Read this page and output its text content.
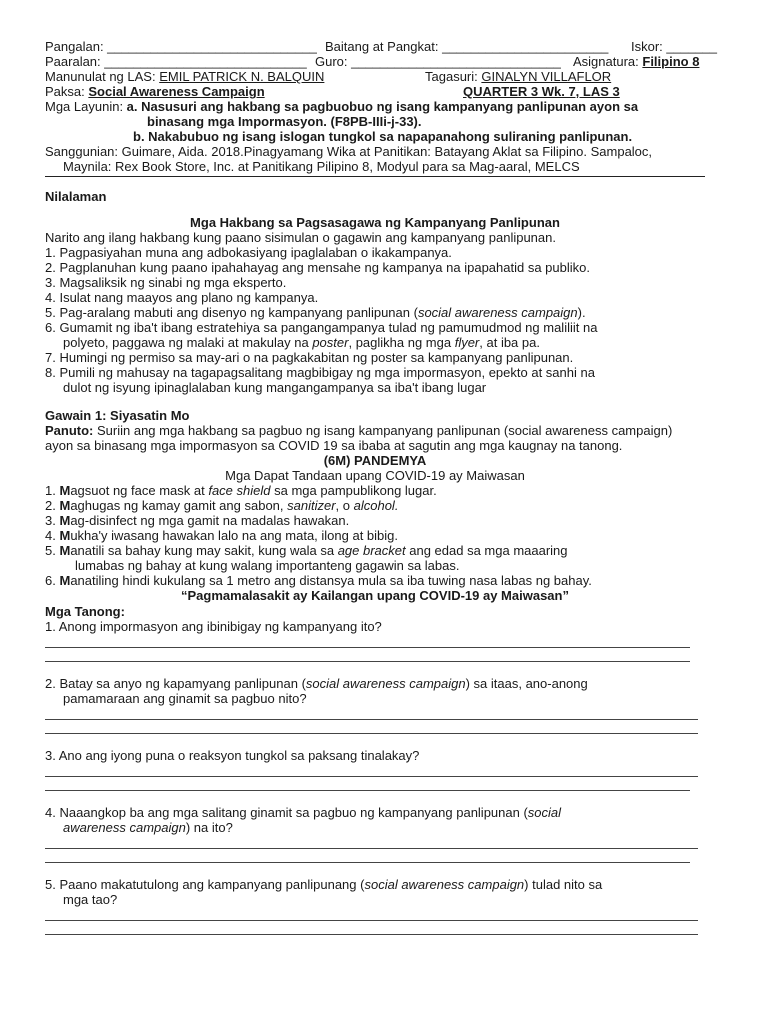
Pangalan: _____________________________ Baitang at Pangkat: _______________________ Iskor: _______
Paaralan: ____________________________ Guro: _____________________________ Asignatura: Filipino 8
Manunulat ng LAS: EMIL PATRICK N. BALQUIN	Tagasuri: GINALYN VILLAFLOR
Paksa: Social Awareness Campaign	QUARTER 3 Wk. 7, LAS 3
Mga Layunin: a. Nasusuri ang hakbang sa pagbuobuo ng isang kampanyang panlipunan ayon sa
binasang mga Impormasyon. (F8PB-IIIi-j-33).
b. Nakabubuo ng isang islogan tungkol sa napapanahong suliraning panlipunan.
Sanggunian: Guimare, Aida. 2018.Pinagyamang Wika at Panitikan: Batayang Aklat sa Filipino. Sampaloc,
Maynila: Rex Book Store, Inc. at Panitikang Pilipino 8, Modyul para sa Mag-aaral, MELCS
Nilalaman
Mga Hakbang sa Pagsasagawa ng Kampanyang Panlipunan
Narito ang ilang hakbang kung paano sisimulan o gagawin ang kampanyang panlipunan.
1. Pagpasiyahan muna ang adbokasiyang ipaglalaban o ikakampanya.
2. Pagplanuhan kung paano ipahahayag ang mensahe ng kampanya na ipapahatid sa publiko.
3. Magsaliksik ng sinabi ng mga eksperto.
4. Isulat nang maayos ang plano ng kampanya.
5. Pag-aralang mabuti ang disenyo ng kampanyang panlipunan (social awareness campaign).
6. Gumamit ng iba't ibang estratehiya sa pangangampanya tulad ng pamumudmod ng maliliit na
polyeto, paggawa ng malaki at makulay na poster, paglikha ng mga flyer, at iba pa.
7. Humingi ng permiso sa may-ari o na pagkakabitan ng poster sa kampanyang panlipunan.
8. Pumili ng mahusay na tagapagsalitang magbibigay ng mga impormasyon, epekto at sanhi na
dulot ng isyung ipinaglalaban kung mangangampanya sa iba't ibang lugar
Gawain 1: Siyasatin Mo
Panuto: Suriin ang mga hakbang sa pagbuo ng isang kampanyang panlipunan (social awareness campaign)
ayon sa binasang mga impormasyon sa COVID 19 sa ibaba at sagutin ang mga kaugnay na tanong.
(6M) PANDEMYA
Mga Dapat Tandaan upang COVID-19 ay Maiwasan
1. Magsuot ng face mask at face shield sa mga pampublikong lugar.
2. Maghugas ng kamay gamit ang sabon, sanitizer, o alcohol.
3. Mag-disinfect ng mga gamit na madalas hawakan.
4. Mukha'y iwasang hawakan lalo na ang mata, ilong at bibig.
5. Manatili sa bahay kung may sakit, kung wala sa age bracket ang edad sa mga maaaring
lumabas ng bahay at kung walang importanteng gagawin sa labas.
6. Manatiling hindi kukulang sa 1 metro ang distansya mula sa iba tuwing nasa labas ng bahay.
“Pagmamalasakit ay Kailangan upang COVID-19 ay Maiwasan”
Mga Tanong:
1. Anong impormasyon ang ibinibigay ng kampanyang ito?
2. Batay sa anyo ng kapamyang panlipunan (social awareness campaign) sa itaas, ano-anong
pamamaraan ang ginamit sa pagbuo nito?
3. Ano ang iyong puna o reaksyon tungkol sa paksang tinalakay?
4. Naaangkop ba ang mga salitang ginamit sa pagbuo ng kampanyang panlipunan (social
awareness campaign) na ito?
5. Paano makatutulong ang kampanyang panlipunang (social awareness campaign) tulad nito sa
mga tao?
